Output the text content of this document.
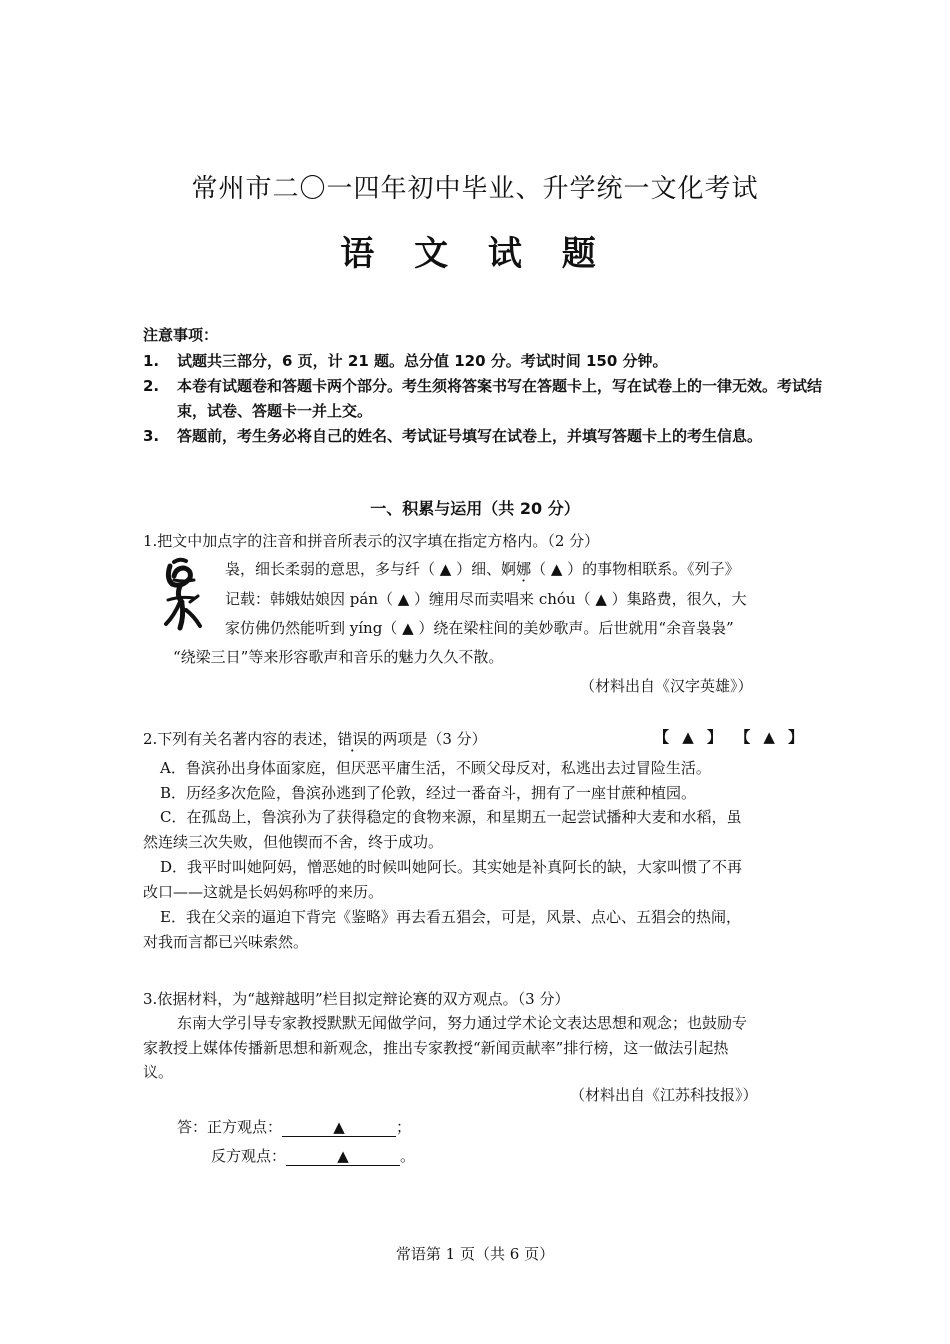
常州市二〇一四年初中毕业、升学统一文化考试
语 文 试 题
注意事项：
1.	试题共三部分，6 页，计 21 题。总分值 120 分。考试时间 150 分钟。
2.	本卷有试题卷和答题卡两个部分。考生须将答案书写在答题卡上，写在试卷上的一律无效。考试结束，试卷、答题卡一并上交。
3.	答题前，考生务必将自己的姓名、考试证号填写在试卷上，并填写答题卡上的考生信息。
一、积累与运用（共 20 分）
1.把文中加点字的注音和拼音所表示的汉字填在指定方格内。（2 分）
袅，细长柔弱的意思，多与纤（ ▲ ）细、婀娜（ ▲ ）的事物相联系。《列子》
记载：韩娥姑娘因 pán（ ▲ ）缠用尽而卖唱来 chóu（ ▲ ）集路费，很久，大
家仿佛仍然能听到 yíng（ ▲ ）绕在梁柱间的美妙歌声。后世就用“余音袅袅”
“绕梁三日”等来形容歌声和音乐的魅力久久不散。
（材料出自《汉字英雄》）
2.下列有关名著内容的表述，错误的两项是（3 分）	【 ▲ 】 【 ▲ 】
A．鲁滨孙出身体面家庭，但厌恶平庸生活，不顾父母反对，私逃出去过冒险生活。
B．历经多次危险，鲁滨孙逃到了伦敦，经过一番奋斗，拥有了一座甘蔗种植园。
C．在孤岛上，鲁滨孙为了获得稳定的食物来源，和星期五一起尝试播种大麦和水稻，虽
然连续三次失败，但他锲而不舍，终于成功。
D．我平时叫她阿妈，憎恶她的时候叫她阿长。其实她是补真阿长的缺，大家叫惯了不再
改口——这就是长妈妈称呼的来历。
E．我在父亲的逼迫下背完《鉴略》再去看五猖会，可是，风景、点心、五猖会的热闹，
对我而言都已兴味索然。
3.依据材料，为“越辩越明”栏目拟定辩论赛的双方观点。（3 分）
东南大学引导专家教授默默无闻做学问，努力通过学术论文表达思想和观念；也鼓励专
家教授上媒体传播新思想和新观念，推出专家教授“新闻贡献率”排行榜，这一做法引起热
议。
（材料出自《江苏科技报》）
答：正方观点：	▲	；
反方观点：	▲	。
常语第 1 页（共 6 页）
